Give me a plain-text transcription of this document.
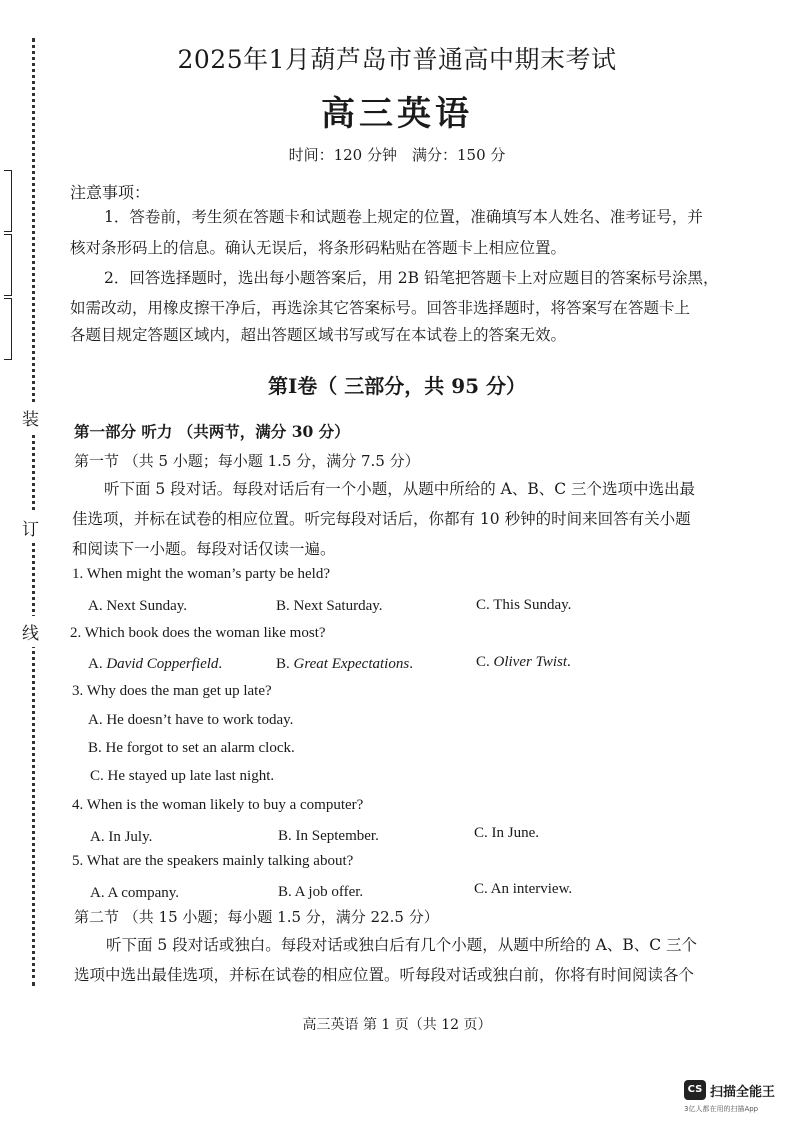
装
订
线
2025年1月葫芦岛市普通高中期末考试
高三英语
时间：120 分钟　满分：150 分
注意事项：
1．答卷前，考生须在答题卡和试题卷上规定的位置，准确填写本人姓名、准考证号，并
核对条形码上的信息。确认无误后，将条形码粘贴在答题卡上相应位置。
2．回答选择题时，选出每小题答案后，用 2B 铅笔把答题卡上对应题目的答案标号涂黑，
如需改动，用橡皮擦干净后，再选涂其它答案标号。回答非选择题时，将答案写在答题卡上
各题目规定答题区域内，超出答题区域书写或写在本试卷上的答案无效。
第Ⅰ卷（ 三部分，共 95 分）
第一部分 听力 （共两节，满分 30 分）
第一节 （共 5 小题；每小题 1.5 分，满分 7.5 分）
听下面 5 段对话。每段对话后有一个小题，从题中所给的 A、B、C 三个选项中选出最
佳选项，并标在试卷的相应位置。听完每段对话后，你都有 10 秒钟的时间来回答有关小题
和阅读下一小题。每段对话仅读一遍。
1. When might the woman’s party be held?
A. Next Sunday.	B. Next Saturday.	C. This Sunday.
2. Which book does the woman like most?
A. David Copperfield.	B. Great Expectations.	C. Oliver Twist.
3. Why does the man get up late?
A. He doesn’t have to work today.
B. He forgot to set an alarm clock.
C. He stayed up late last night.
4. When is the woman likely to buy a computer?
A. In July.	B. In September.	C. In June.
5. What are the speakers mainly talking about?
A. A company.	B. A job offer.	C. An interview.
第二节 （共 15 小题；每小题 1.5 分，满分 22.5 分）
听下面 5 段对话或独白。每段对话或独白后有几个小题，从题中所给的 A、B、C 三个
选项中选出最佳选项，并标在试卷的相应位置。听每段对话或独白前，你将有时间阅读各个
高三英语 第 1 页（共 12 页）
CS 扫描全能王
3亿人都在用的扫描App
